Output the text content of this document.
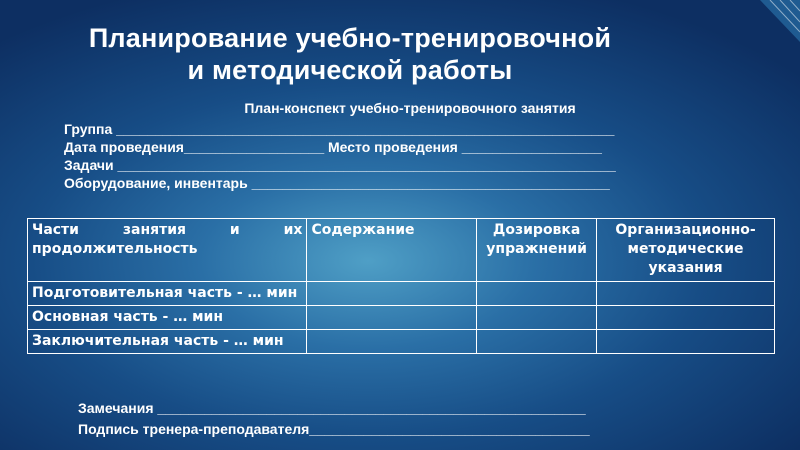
Планирование учебно-тренировочной
и методической работы
План-конспект учебно-тренировочного занятия
Группа ________________________________________________________________
Дата проведения__________________ Место проведения __________________
Задачи ________________________________________________________________
Оборудование, инвентарь ______________________________________________
Части занятия и их продолжительность	Содержание	Дозировка упражнений	Организационно-методические указания
Подготовительная часть - … мин			
Основная часть - … мин			
Заключительная часть - … мин			
Замечания _______________________________________________________
Подпись тренера-преподавателя____________________________________
